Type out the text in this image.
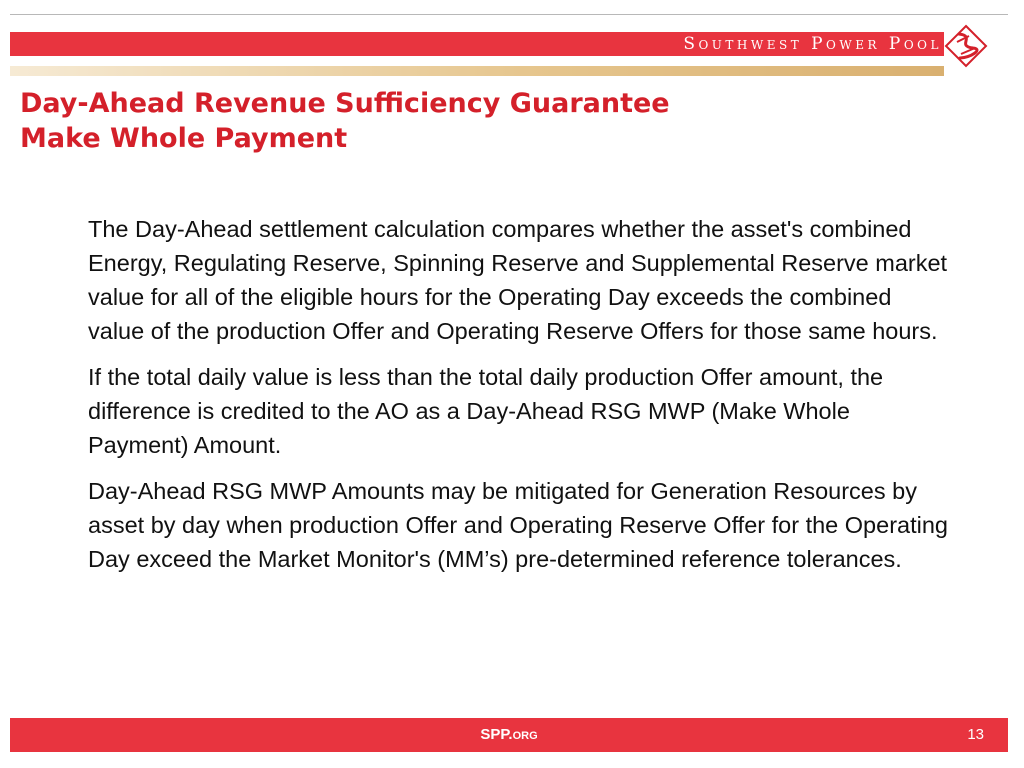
Southwest Power Pool
Day-Ahead Revenue Sufficiency Guarantee
Make Whole Payment

The Day-Ahead settlement calculation compares whether the asset's combined Energy, Regulating Reserve, Spinning Reserve and Supplemental Reserve market value for all of the eligible hours for the Operating Day exceeds the combined value of the production Offer and Operating Reserve Offers for those same hours.

If the total daily value is less than the total daily production Offer amount, the difference is credited to the AO as a Day-Ahead RSG MWP (Make Whole Payment) Amount.

Day-Ahead RSG MWP Amounts may be mitigated for Generation Resources by asset by day when production Offer and Operating Reserve Offer for the Operating Day exceed the Market Monitor's (MM’s) pre-determined reference tolerances.

SPP.org	13
